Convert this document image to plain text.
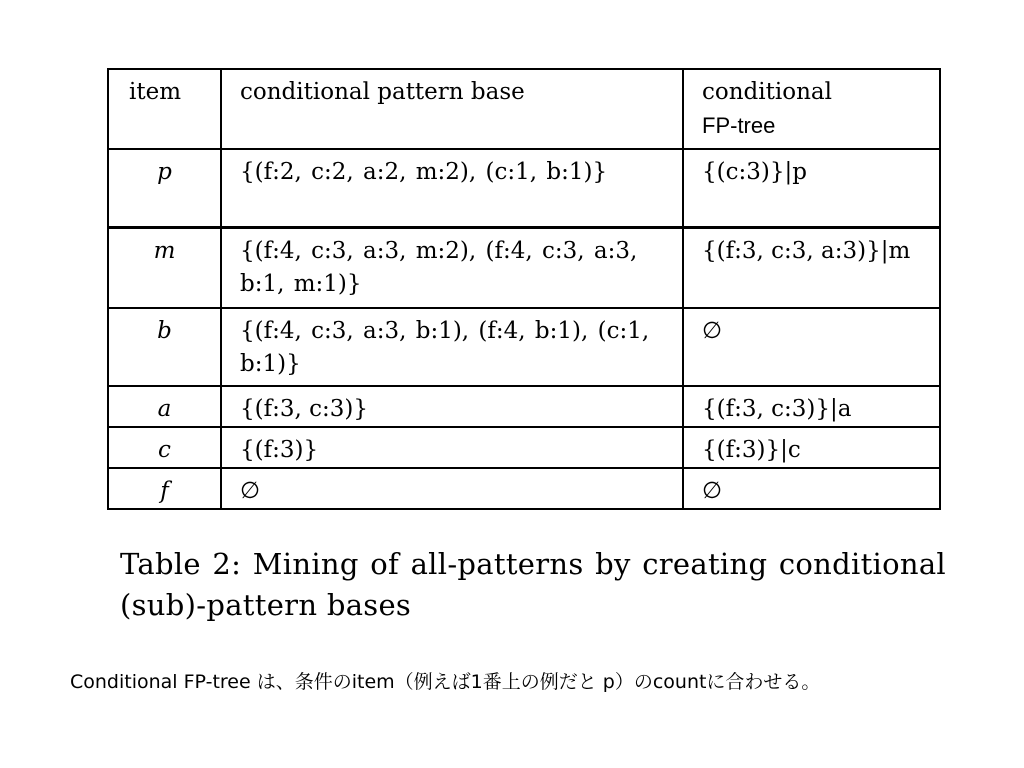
item	conditional pattern base	conditional
FP-tree

p	{(f:2, c:2, a:2, m:2), (c:1, b:1)}	{(c:3)}|p
m	{(f:4, c:3, a:3, m:2), (f:4, c:3, a:3, b:1, m:1)}	{(f:3, c:3, a:3)}|m
b	{(f:4, c:3, a:3, b:1), (f:4, b:1), (c:1, b:1)}	∅
a	{(f:3, c:3)}	{(f:3, c:3)}|a
c	{(f:3)}	{(f:3)}|c
f	∅	∅
Table 2: Mining of all-patterns by creating conditional (sub)-pattern bases
Conditional FP-tree は、条件のitem（例えば1番上の例だと p）のcountに合わせる。
